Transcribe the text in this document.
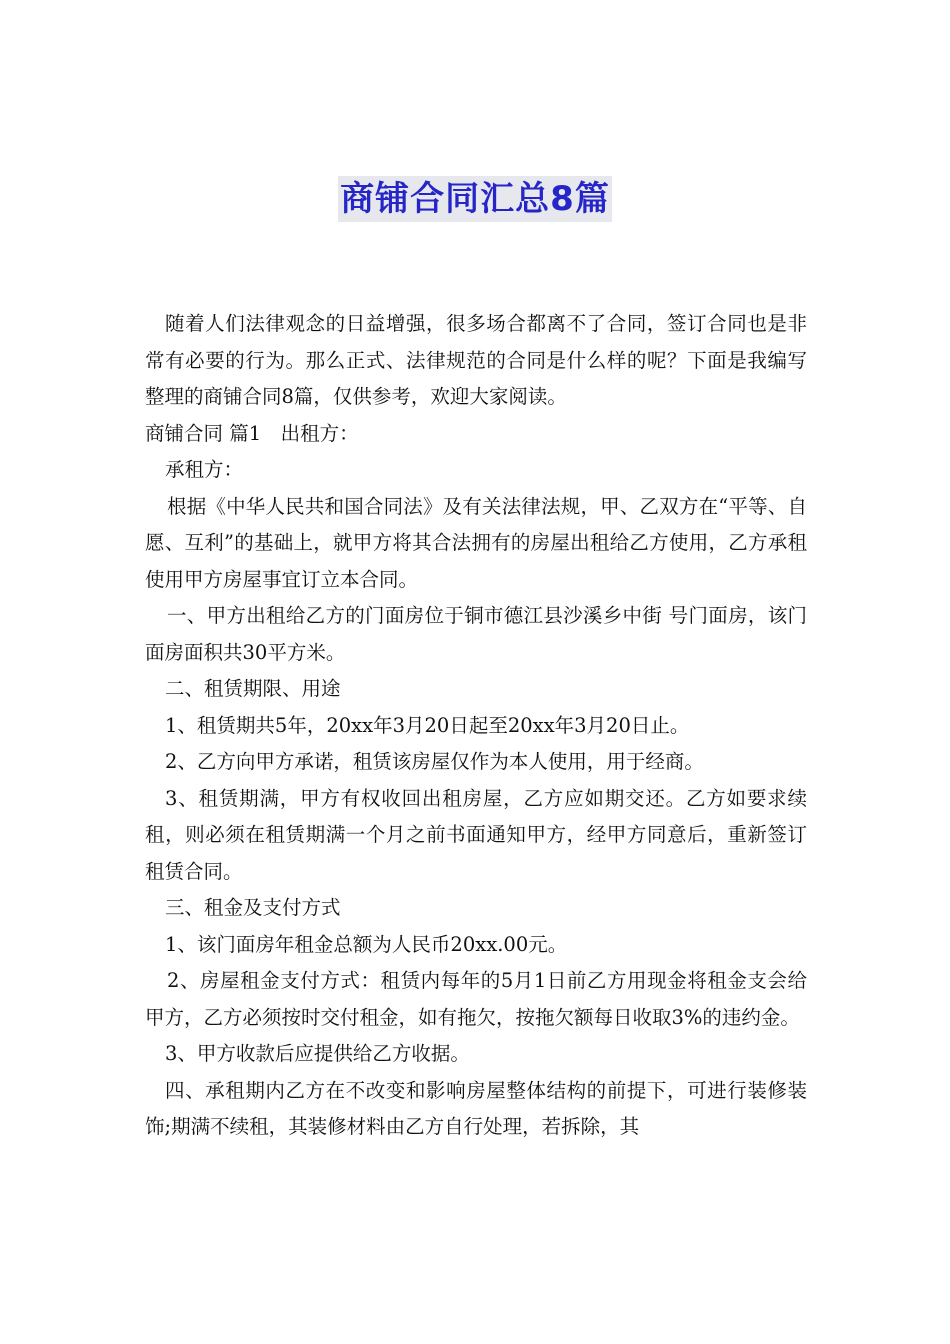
商铺合同汇总8篇

随着人们法律观念的日益增强，很多场合都离不了合同，签订合同也是非常有必要的行为。那么正式、法律规范的合同是什么样的呢？下面是我编写整理的商铺合同8篇，仅供参考，欢迎大家阅读。

商铺合同 篇1　出租方：

承租方：

根据《中华人民共和国合同法》及有关法律法规，甲、乙双方在“平等、自愿、互利”的基础上，就甲方将其合法拥有的房屋出租给乙方使用，乙方承租使用甲方房屋事宜订立本合同。

一、甲方出租给乙方的门面房位于铜市德江县沙溪乡中街 号门面房，该门面房面积共30平方米。

二、租赁期限、用途

1、租赁期共5年，20xx年3月20日起至20xx年3月20日止。

2、乙方向甲方承诺，租赁该房屋仅作为本人使用，用于经商。

3、租赁期满，甲方有权收回出租房屋，乙方应如期交还。乙方如要求续租，则必须在租赁期满一个月之前书面通知甲方，经甲方同意后，重新签订租赁合同。

三、租金及支付方式

1、该门面房年租金总额为人民币20xx.00元。

2、房屋租金支付方式：租赁内每年的5月1日前乙方用现金将租金支会给甲方，乙方必须按时交付租金，如有拖欠，按拖欠额每日收取3%的违约金。

3、甲方收款后应提供给乙方收据。

四、承租期内乙方在不改变和影响房屋整体结构的前提下，可进行装修装饰;期满不续租，其装修材料由乙方自行处理，若拆除，其
